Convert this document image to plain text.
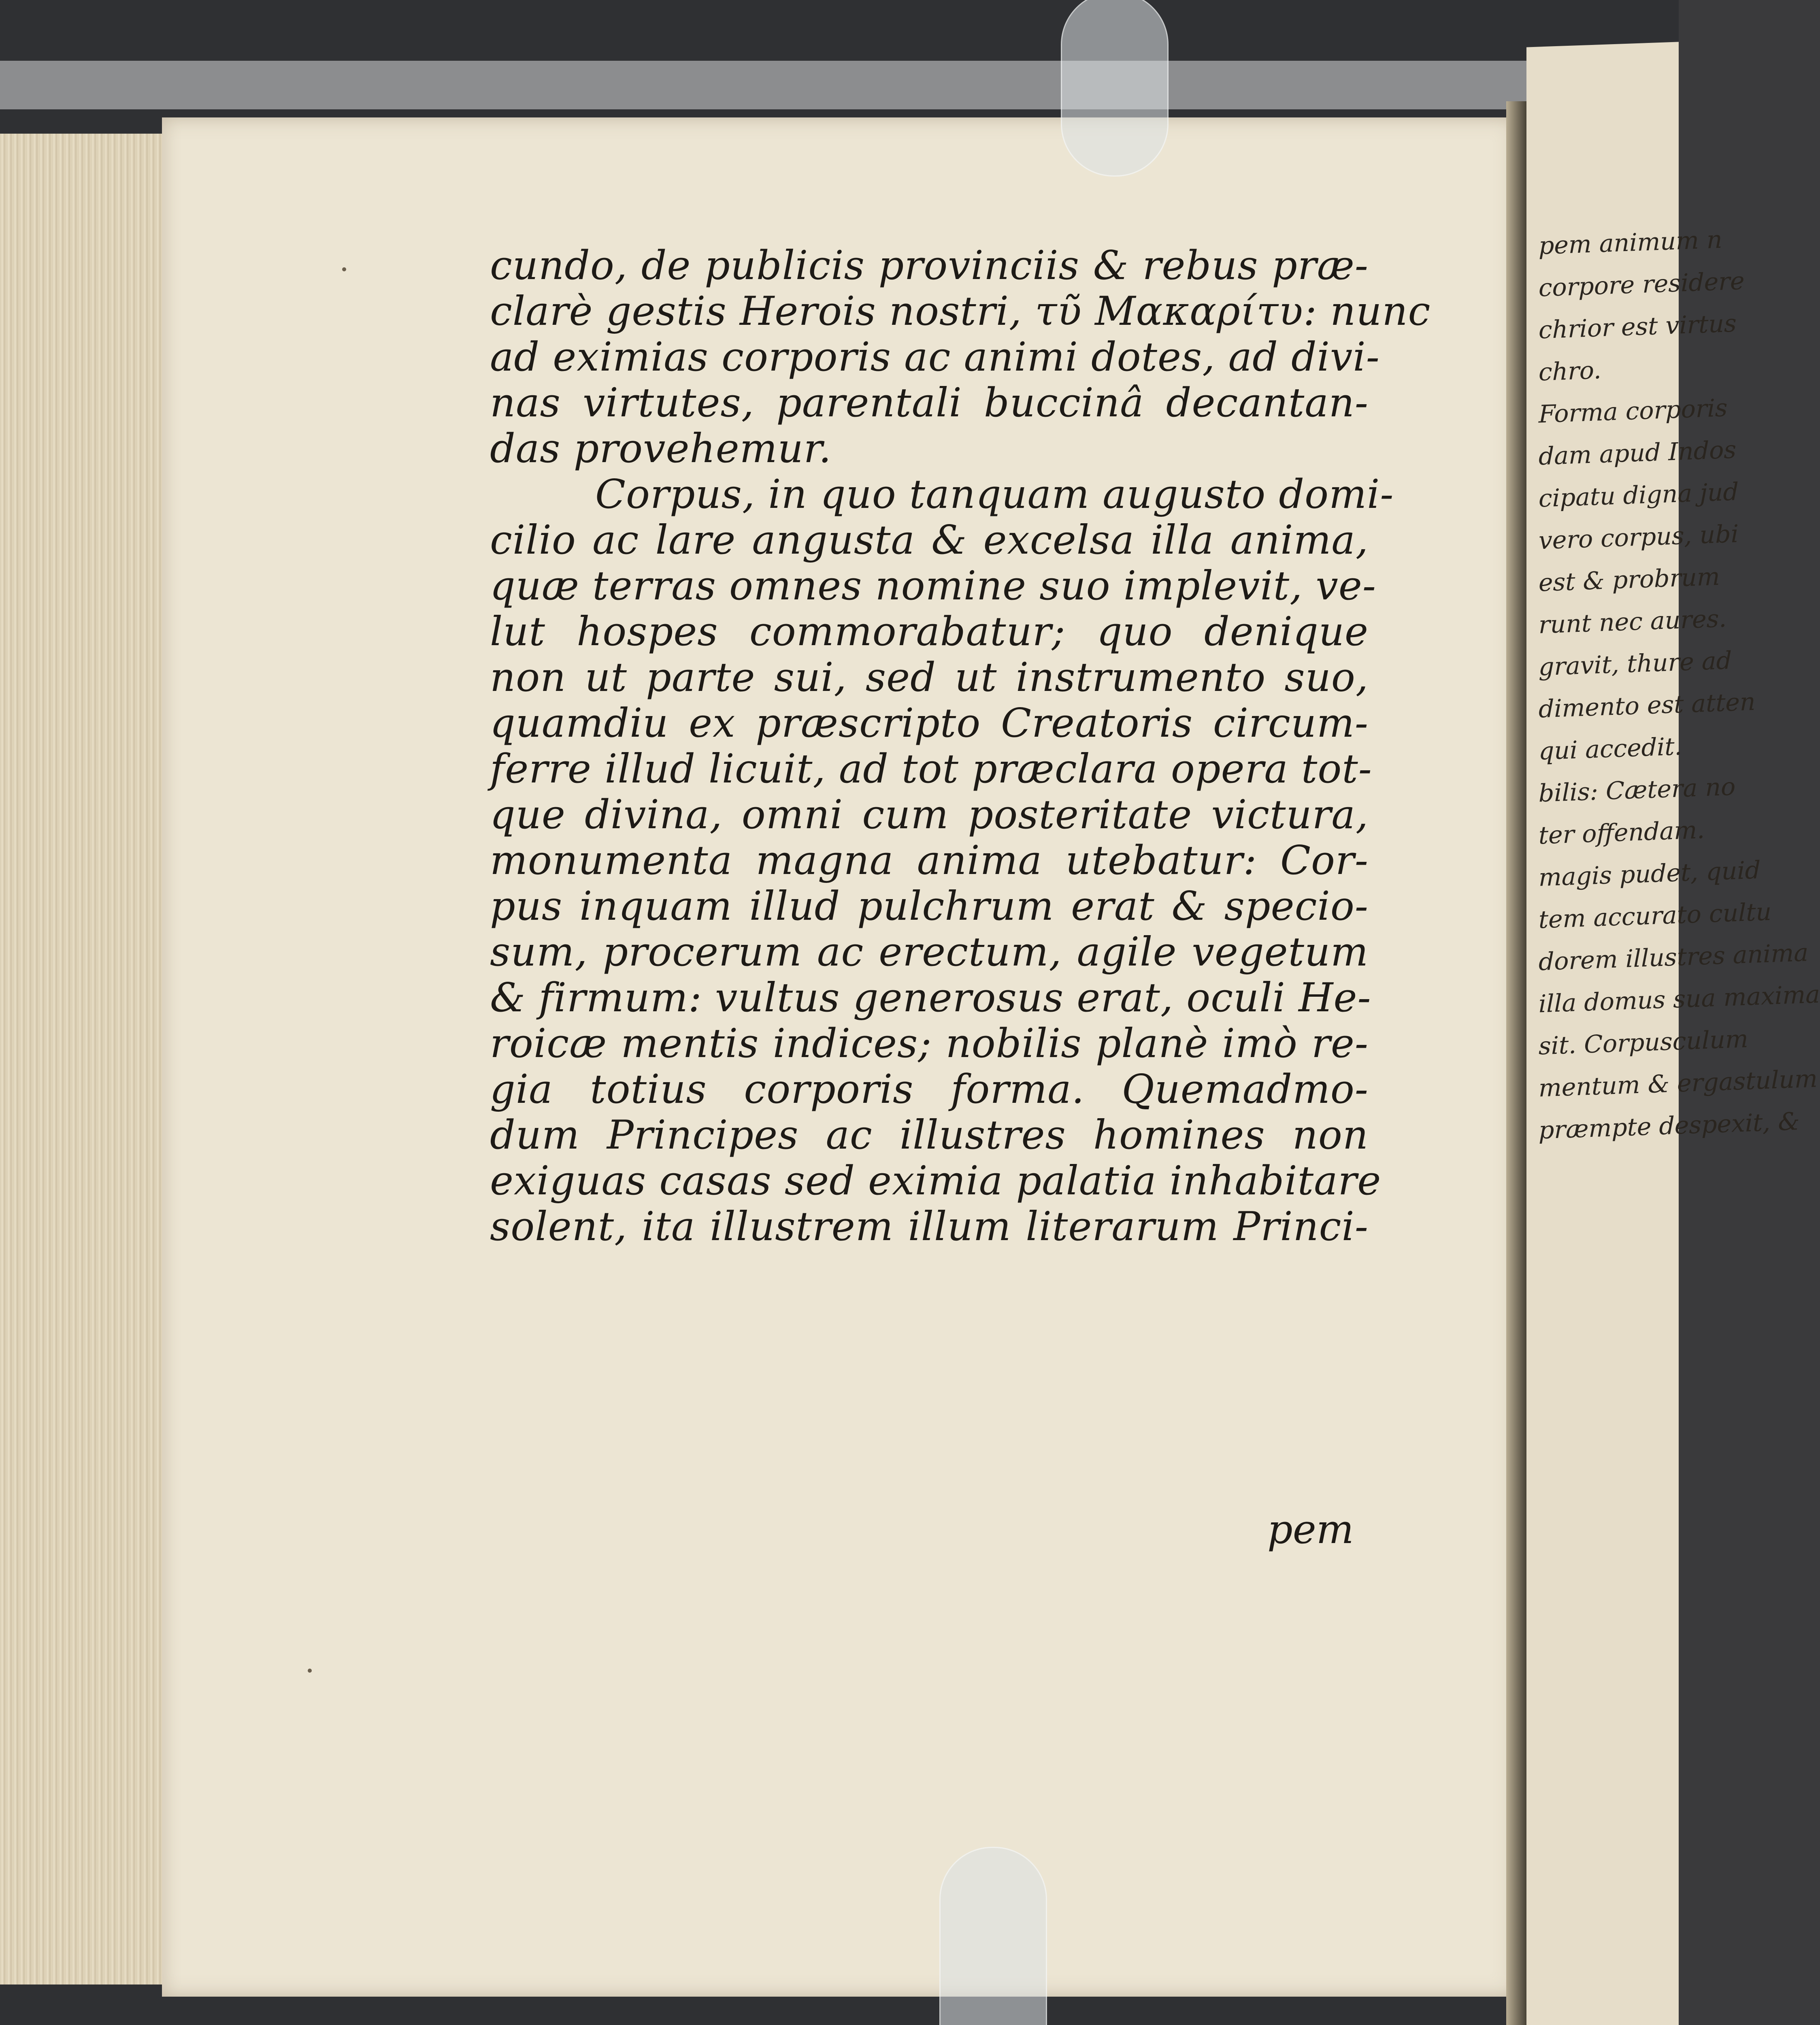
cundo, de publicis provinciis & rebus præ-
clarè gestis Herois nostri, τῦ Μακαρίτυ: nunc
ad eximias corporis ac animi dotes, ad divi-
nas virtutes, parentali buccinâ decantan-
das provehemur.
Corpus, in quo tanquam augusto domi-
cilio ac lare angusta & excelsa illa anima,
quæ terras omnes nomine suo implevit, ve-
lut hospes commorabatur; quo denique
non ut parte sui, sed ut instrumento suo,
quamdiu ex præscripto Creatoris circum-
ferre illud licuit, ad tot præclara opera tot-
que divina, omni cum posteritate victura,
monumenta magna anima utebatur: Cor-
pus inquam illud pulchrum erat & specio-
sum, procerum ac erectum, agile vegetum
& firmum: vultus generosus erat, oculi He-
roicæ mentis indices; nobilis planè imò re-
gia totius corporis forma. Quemadmo-
dum Principes ac illustres homines non
exiguas casas sed eximia palatia inhabitare
solent, ita illustrem illum literarum Princi-
pem
pem animum n
corpore residere
chrior est virtus
chro.
Forma corporis
dam apud Indos
cipatu digna jud
vero corpus, ubi
est & probrum
runt nec aures.
gravit, thure ad
dimento est atten
qui accedit.
bilis: Cætera no
ter offendam.
magis pudet, quid
tem accurato cultu
dorem illustres anima
illa domus sua maxima
sit. Corpusculum
mentum & ergastulum
præmpte despexit, &
